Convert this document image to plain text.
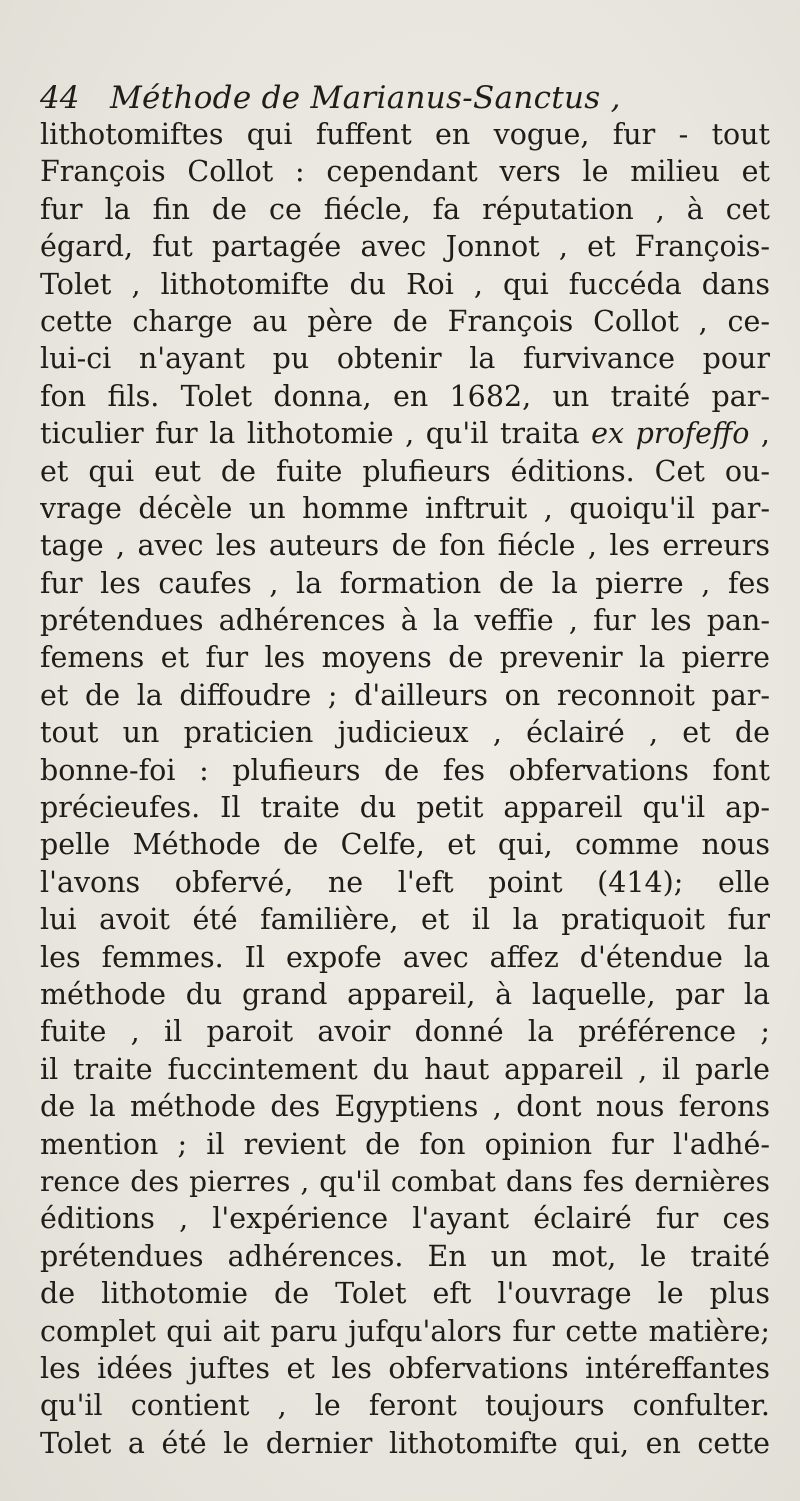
44 Méthode de Marianus-Sanctus ,
lithotomiftes qui fuffent en vogue, fur - tout
François Collot : cependant vers le milieu et
fur la fin de ce fiécle, fa réputation , à cet
égard, fut partagée avec Jonnot , et François-
Tolet , lithotomifte du Roi , qui fuccéda dans
cette charge au père de François Collot , ce-
lui-ci n'ayant pu obtenir la furvivance pour
fon fils. Tolet donna, en 1682, un traité par-
ticulier fur la lithotomie , qu'il traita ex profeffo ,
et qui eut de fuite plufieurs éditions. Cet ou-
vrage décèle un homme inftruit , quoiqu'il par-
tage , avec les auteurs de fon fiécle , les erreurs
fur les caufes , la formation de la pierre , fes
prétendues adhérences à la veffie , fur les pan-
femens et fur les moyens de prevenir la pierre
et de la diffoudre ; d'ailleurs on reconnoit par-
tout un praticien judicieux , éclairé , et de
bonne-foi : plufieurs de fes obfervations font
précieufes. Il traite du petit appareil qu'il ap-
pelle Méthode de Celfe, et qui, comme nous
l'avons obfervé, ne l'eft point (414); elle
lui avoit été familière, et il la pratiquoit fur
les femmes. Il expofe avec affez d'étendue la
méthode du grand appareil, à laquelle, par la
fuite , il paroit avoir donné la préférence ;
il traite fuccintement du haut appareil , il parle
de la méthode des Egyptiens , dont nous ferons
mention ; il revient de fon opinion fur l'adhé-
rence des pierres , qu'il combat dans fes dernières
éditions , l'expérience l'ayant éclairé fur ces
prétendues adhérences. En un mot, le traité
de lithotomie de Tolet eft l'ouvrage le plus
complet qui ait paru jufqu'alors fur cette matière;
les idées juftes et les obfervations intéreffantes
qu'il contient , le feront toujours confulter.
Tolet a été le dernier lithotomifte qui, en cette
